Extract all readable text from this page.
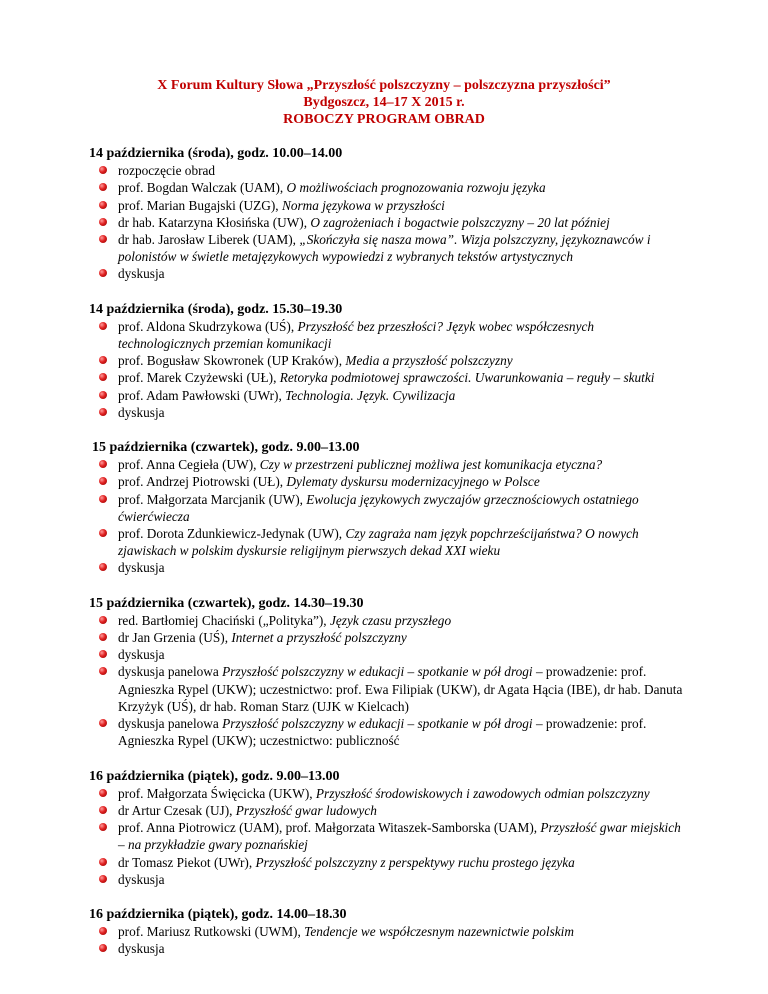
X Forum Kultury Słowa „Przyszłość polszczyzny – polszczyzna przyszłości”
Bydgoszcz, 14–17 X 2015 r.
ROBOCZY PROGRAM OBRAD
14 października (środa), godz. 10.00–14.00
rozpoczęcie obrad
prof. Bogdan Walczak (UAM), O możliwościach prognozowania rozwoju języka
prof. Marian Bugajski (UZG), Norma językowa w przyszłości
dr hab. Katarzyna Kłosińska (UW), O zagrożeniach i bogactwie polszczyzny – 20 lat później
dr hab. Jarosław Liberek (UAM), „Skończyła się nasza mowa”. Wizja polszczyzny, językoznawców i polonistów w świetle metajęzykowych wypowiedzi z wybranych tekstów artystycznych
dyskusja
14 października (środa), godz. 15.30–19.30
prof. Aldona Skudrzykowa (UŚ), Przyszłość bez przeszłości? Język wobec współczesnych technologicznych przemian komunikacji
prof. Bogusław Skowronek (UP Kraków), Media a przyszłość polszczyzny
prof. Marek Czyżewski (UŁ), Retoryka podmiotowej sprawczości. Uwarunkowania – reguły – skutki
prof. Adam Pawłowski (UWr), Technologia. Język. Cywilizacja
dyskusja
15 października (czwartek), godz. 9.00–13.00
prof. Anna Cegieła (UW), Czy w przestrzeni publicznej możliwa jest komunikacja etyczna?
prof. Andrzej Piotrowski (UŁ), Dylematy dyskursu modernizacyjnego w Polsce
prof. Małgorzata Marcjanik (UW), Ewolucja językowych zwyczajów grzecznościowych ostatniego ćwierćwiecza
prof. Dorota Zdunkiewicz-Jedynak (UW), Czy zagraża nam język popchrześcijaństwa? O nowych zjawiskach w polskim dyskursie religijnym pierwszych dekad XXI wieku
dyskusja
15 października (czwartek), godz. 14.30–19.30
red. Bartłomiej Chaciński („Polityka”), Język czasu przyszłego
dr Jan Grzenia (UŚ), Internet a przyszłość polszczyzny
dyskusja
dyskusja panelowa Przyszłość polszczyzny w edukacji – spotkanie w pół drogi – prowadzenie: prof. Agnieszka Rypel (UKW); uczestnictwo: prof. Ewa Filipiak (UKW), dr Agata Hącia (IBE), dr hab. Danuta Krzyżyk (UŚ), dr hab. Roman Starz (UJK w Kielcach)
dyskusja panelowa Przyszłość polszczyzny w edukacji – spotkanie w pół drogi – prowadzenie: prof. Agnieszka Rypel (UKW); uczestnictwo: publiczność
16 października (piątek), godz. 9.00–13.00
prof. Małgorzata Święcicka (UKW), Przyszłość środowiskowych i zawodowych odmian polszczyzny
dr Artur Czesak (UJ), Przyszłość gwar ludowych
prof. Anna Piotrowicz (UAM), prof. Małgorzata Witaszek-Samborska (UAM), Przyszłość gwar miejskich – na przykładzie gwary poznańskiej
dr Tomasz Piekot (UWr), Przyszłość polszczyzny z perspektywy ruchu prostego języka
dyskusja
16 października (piątek), godz. 14.00–18.30
prof. Mariusz Rutkowski (UWM), Tendencje we współczesnym nazewnictwie polskim
dyskusja
